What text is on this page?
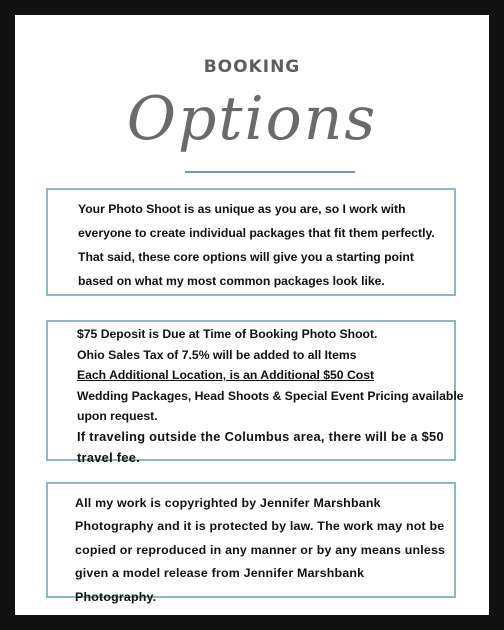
BOOKING
Options

Your Photo Shoot is as unique as you are, so I work with everyone to create individual packages that fit them perfectly. That said, these core options will give you a starting point based on what my most common packages look like.

$75 Deposit is Due at Time of Booking Photo Shoot.
Ohio Sales Tax of 7.5% will be added to all Items
Each Additional Location, is an Additional $50 Cost
Wedding Packages, Head Shoots & Special Event Pricing available
upon request.
If traveling outside the Columbus area, there will be a $50
travel fee.

All my work is copyrighted by Jennifer Marshbank Photography and it is protected by law. The work may not be copied or reproduced in any manner or by any means unless given a model release from Jennifer Marshbank Photography.
